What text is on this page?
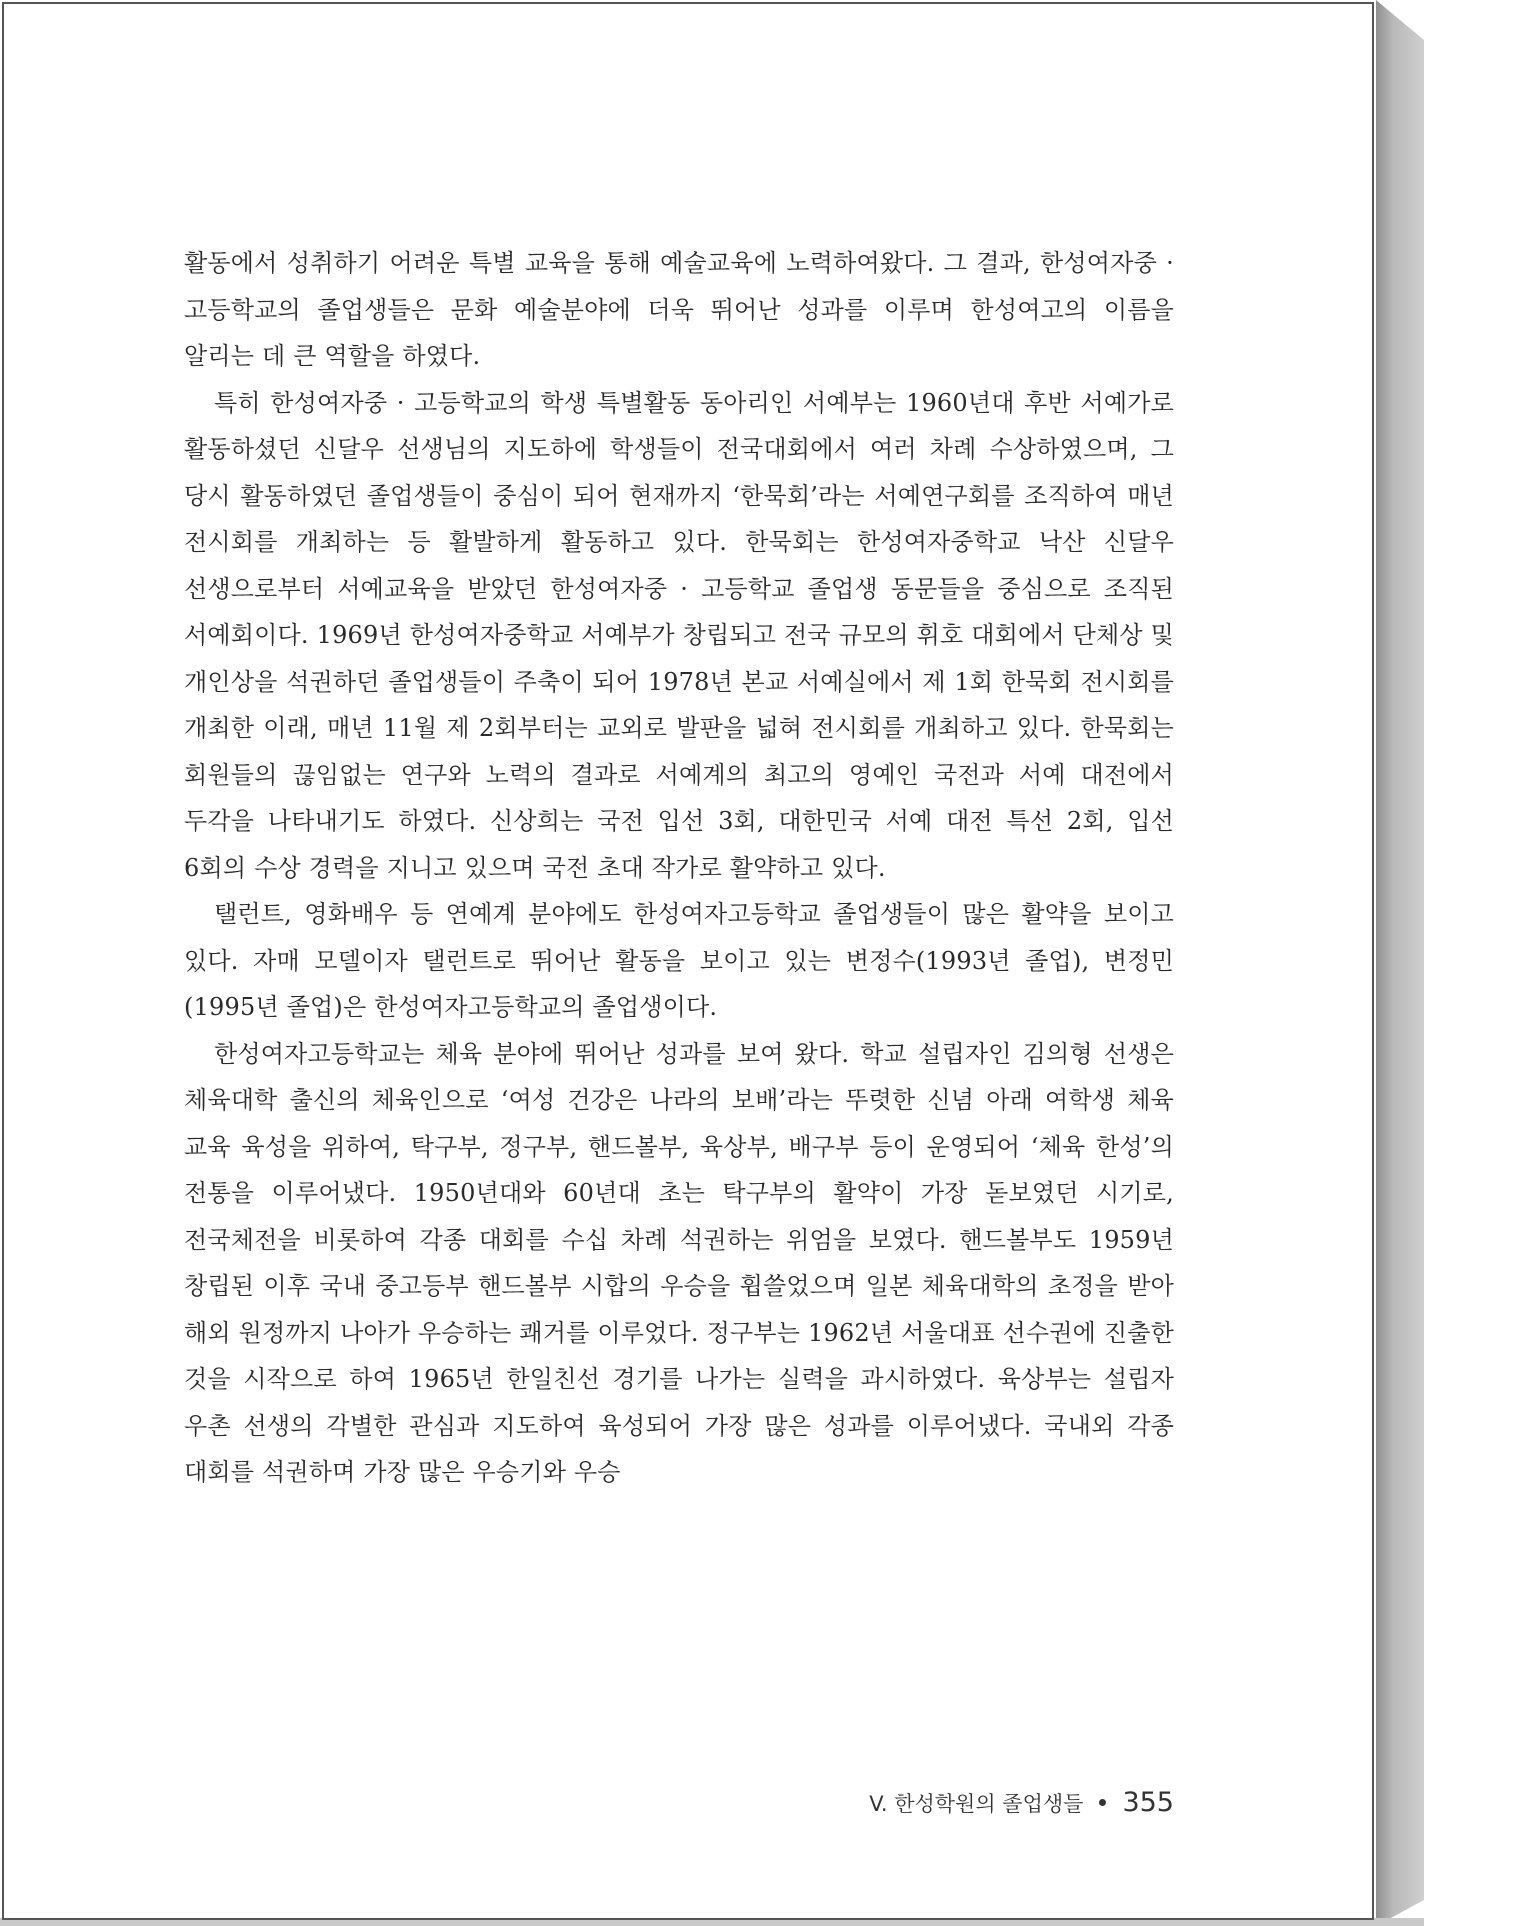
활동에서 성취하기 어려운 특별 교육을 통해 예술교육에 노력하여왔다. 그 결과, 한성여자중 · 고등학교의 졸업생들은 문화 예술분야에 더욱 뛰어난 성과를 이루며 한성여고의 이름을 알리는 데 큰 역할을 하였다.

특히 한성여자중 · 고등학교의 학생 특별활동 동아리인 서예부는 1960년대 후반 서예가로 활동하셨던 신달우 선생님의 지도하에 학생들이 전국대회에서 여러 차례 수상하였으며, 그 당시 활동하였던 졸업생들이 중심이 되어 현재까지 ‘한묵회’라는 서예연구회를 조직하여 매년 전시회를 개최하는 등 활발하게 활동하고 있다. 한묵회는 한성여자중학교 낙산 신달우 선생으로부터 서예교육을 받았던 한성여자중 · 고등학교 졸업생 동문들을 중심으로 조직된 서예회이다. 1969년 한성여자중학교 서예부가 창립되고 전국 규모의 휘호 대회에서 단체상 및 개인상을 석권하던 졸업생들이 주축이 되어 1978년 본교 서예실에서 제 1회 한묵회 전시회를 개최한 이래, 매년 11월 제 2회부터는 교외로 발판을 넓혀 전시회를 개최하고 있다. 한묵회는 회원들의 끊임없는 연구와 노력의 결과로 서예계의 최고의 영예인 국전과 서예 대전에서 두각을 나타내기도 하였다. 신상희는 국전 입선 3회, 대한민국 서예 대전 특선 2회, 입선 6회의 수상 경력을 지니고 있으며 국전 초대 작가로 활약하고 있다.

탤런트, 영화배우 등 연예계 분야에도 한성여자고등학교 졸업생들이 많은 활약을 보이고 있다. 자매 모델이자 탤런트로 뛰어난 활동을 보이고 있는 변정수(1993년 졸업), 변정민(1995년 졸업)은 한성여자고등학교의 졸업생이다.

한성여자고등학교는 체육 분야에 뛰어난 성과를 보여 왔다. 학교 설립자인 김의형 선생은 체육대학 출신의 체육인으로 ‘여성 건강은 나라의 보배’라는 뚜렷한 신념 아래 여학생 체육 교육 육성을 위하여, 탁구부, 정구부, 핸드볼부, 육상부, 배구부 등이 운영되어 ‘체육 한성’의 전통을 이루어냈다. 1950년대와 60년대 초는 탁구부의 활약이 가장 돋보였던 시기로, 전국체전을 비롯하여 각종 대회를 수십 차례 석권하는 위엄을 보였다. 핸드볼부도 1959년 창립된 이후 국내 중고등부 핸드볼부 시합의 우승을 휩쓸었으며 일본 체육대학의 초정을 받아 해외 원정까지 나아가 우승하는 쾌거를 이루었다. 정구부는 1962년 서울대표 선수권에 진출한 것을 시작으로 하여 1965년 한일친선 경기를 나가는 실력을 과시하였다. 육상부는 설립자 우촌 선생의 각별한 관심과 지도하여 육성되어 가장 많은 성과를 이루어냈다. 국내외 각종 대회를 석권하며 가장 많은 우승기와 우승

V. 한성학원의 졸업생들 355
